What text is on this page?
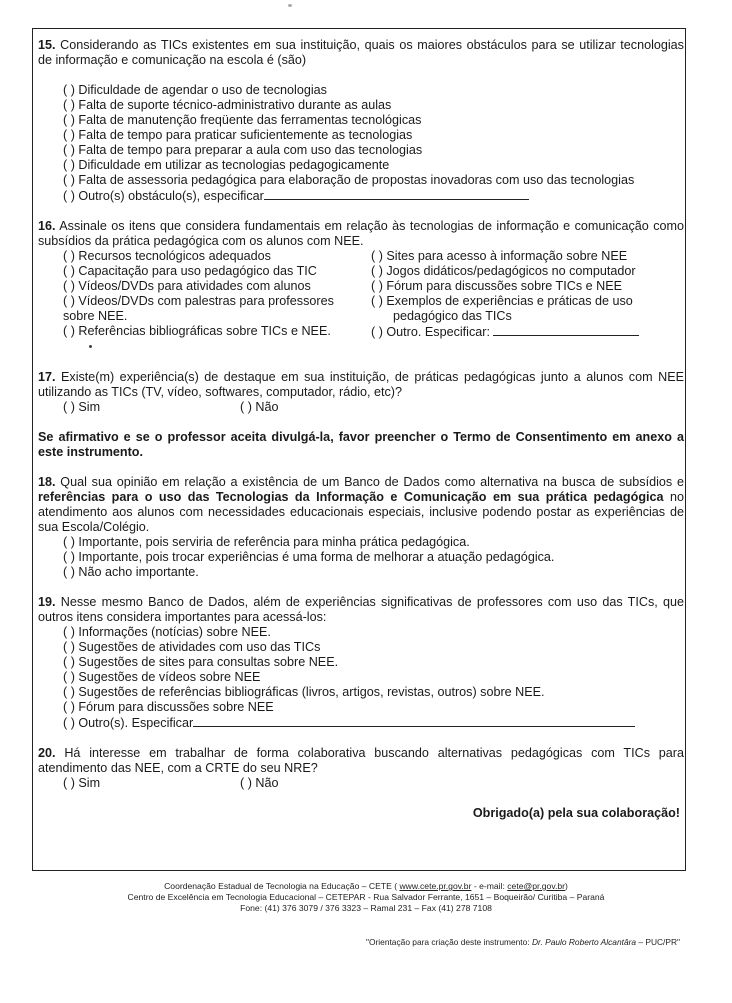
15. Considerando as TICs existentes em sua instituição, quais os maiores obstáculos para se utilizar tecnologias de informação e comunicação na escola é (são)

( ) Dificuldade de agendar o uso de tecnologias

( ) Falta de suporte técnico-administrativo durante as aulas

( ) Falta de manutenção freqüente das ferramentas tecnológicas

( ) Falta de tempo para praticar suficientemente as tecnologias

( ) Falta de tempo para preparar a aula com uso das tecnologias

( ) Dificuldade em utilizar as tecnologias pedagogicamente

( ) Falta de assessoria pedagógica para elaboração de propostas inovadoras com uso das tecnologias

( ) Outro(s) obstáculo(s), especificar

16. Assinale os itens que considera fundamentais em relação às tecnologias de informação e comunicação como subsídios da prática pedagógica com os alunos com NEE.

( ) Recursos tecnológicos adequados

( ) Capacitação para uso pedagógico das TIC

( ) Vídeos/DVDs para atividades com alunos

( ) Vídeos/DVDs com palestras para professores

sobre NEE.

( ) Referências bibliográficas sobre TICs e NEE.

( ) Sites para acesso à informação sobre NEE

( ) Jogos didáticos/pedagógicos no computador

( ) Fórum para discussões sobre TICs e NEE

( ) Exemplos de experiências e práticas de uso

pedagógico das TICs

( ) Outro. Especificar:

17. Existe(m) experiência(s) de destaque em sua instituição, de práticas pedagógicas junto a alunos com NEE utilizando as TICs (TV, vídeo, softwares, computador, rádio, etc)?

( ) Sim	( ) Não

Se afirmativo e se o professor aceita divulgá-la, favor preencher o Termo de Consentimento em anexo a este instrumento.

18. Qual sua opinião em relação a existência de um Banco de Dados como alternativa na busca de subsídios e referências para o uso das Tecnologias da Informação e Comunicação em sua prática pedagógica no atendimento aos alunos com necessidades educacionais especiais, inclusive podendo postar as experiências de sua Escola/Colégio.

( ) Importante, pois serviria de referência para minha prática pedagógica.

( ) Importante, pois trocar experiências é uma forma de melhorar a atuação pedagógica.

( ) Não acho importante.

19. Nesse mesmo Banco de Dados, além de experiências significativas de professores com uso das TICs, que outros itens considera importantes para acessá-los:

( ) Informações (notícias) sobre NEE.

( ) Sugestões de atividades com uso das TICs

( ) Sugestões de sites para consultas sobre NEE.

( ) Sugestões de vídeos sobre NEE

( ) Sugestões de referências bibliográficas (livros, artigos, revistas, outros) sobre NEE.

( ) Fórum para discussões sobre NEE

( ) Outro(s). Especificar

20. Há interesse em trabalhar de forma colaborativa buscando alternativas pedagógicas com TICs para atendimento das NEE, com a CRTE do seu NRE?

( ) Sim	( ) Não

Obrigado(a) pela sua colaboração!

Coordenação Estadual de Tecnologia na Educação – CETE ( www.cete.pr.gov.br - e-mail: cete@pr.gov.br)
Centro de Excelência em Tecnologia Educacional – CETEPAR - Rua Salvador Ferrante, 1651 – Boqueirão/ Curitiba – Paraná
Fone: (41) 376 3079 / 376 3323 – Ramal 231 – Fax (41) 278 7108
"Orientação para criação deste instrumento: Dr. Paulo Roberto Alcantâra – PUC/PR"
